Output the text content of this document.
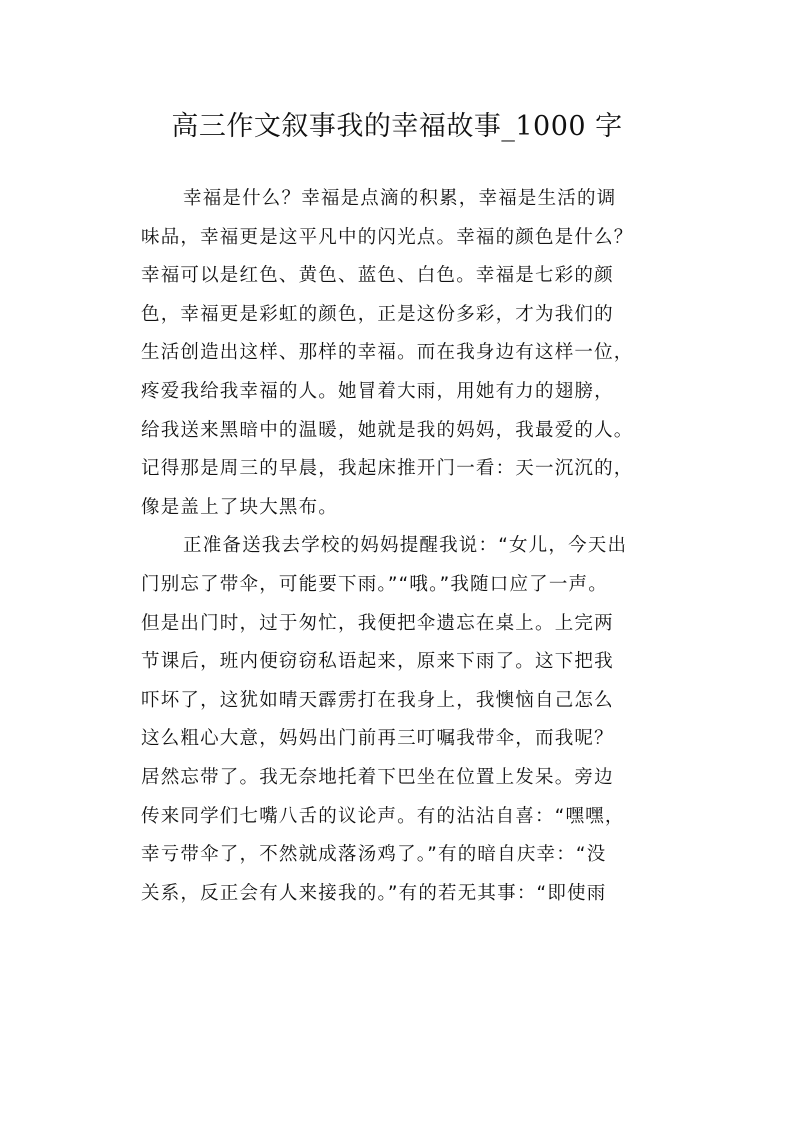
高三作文叙事我的幸福故事_1000 字
幸福是什么？幸福是点滴的积累，幸福是生活的调
味品，幸福更是这平凡中的闪光点。幸福的颜色是什么？
幸福可以是红色、黄色、蓝色、白色。幸福是七彩的颜
色，幸福更是彩虹的颜色，正是这份多彩，才为我们的
生活创造出这样、那样的幸福。而在我身边有这样一位，
疼爱我给我幸福的人。她冒着大雨，用她有力的翅膀，
给我送来黑暗中的温暖，她就是我的妈妈，我最爱的人。
记得那是周三的早晨，我起床推开门一看：天一沉沉的，
像是盖上了块大黑布。
正准备送我去学校的妈妈提醒我说：“女儿，今天出
门别忘了带伞，可能要下雨。”“哦。”我随口应了一声。
但是出门时，过于匆忙，我便把伞遗忘在桌上。上完两
节课后，班内便窃窃私语起来，原来下雨了。这下把我
吓坏了，这犹如晴天霹雳打在我身上，我懊恼自己怎么
这么粗心大意，妈妈出门前再三叮嘱我带伞，而我呢？
居然忘带了。我无奈地托着下巴坐在位置上发呆。旁边
传来同学们七嘴八舌的议论声。有的沾沾自喜：“嘿嘿，
幸亏带伞了，不然就成落汤鸡了。”有的暗自庆幸：“没
关系，反正会有人来接我的。”有的若无其事：“即使雨
